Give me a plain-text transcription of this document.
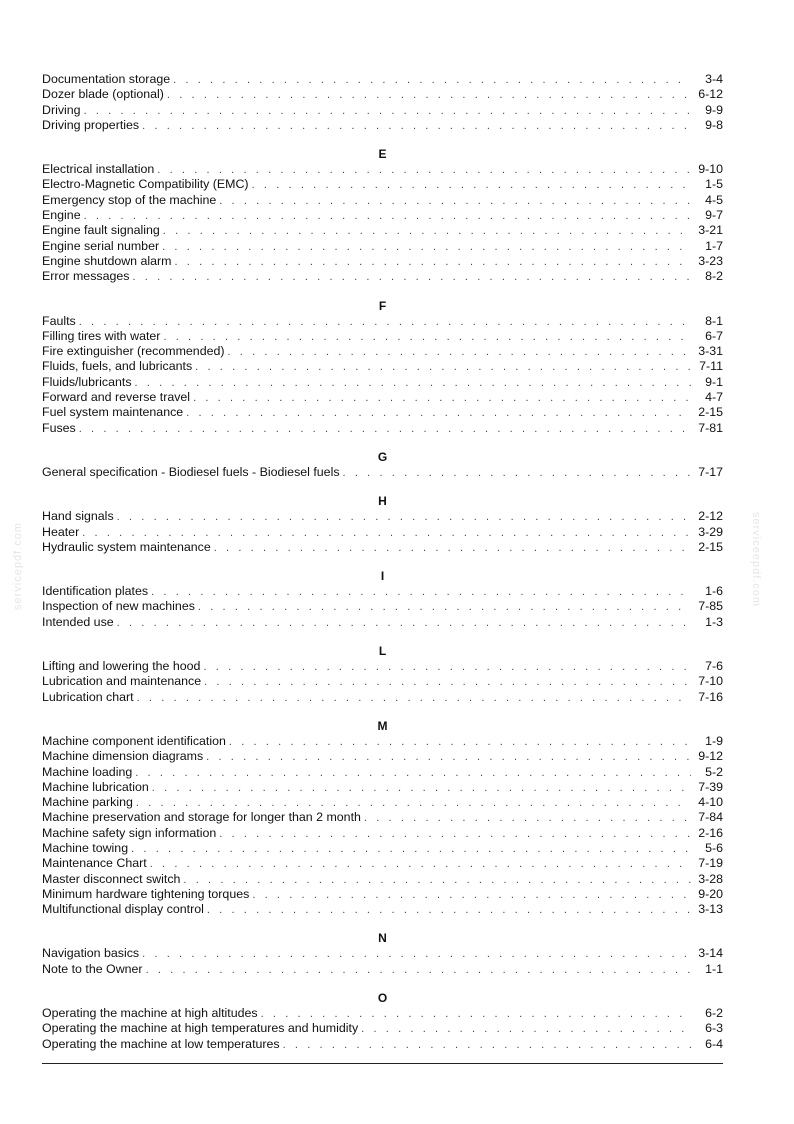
servicepdf.com	serviceepdf.com
Documentation storage . . .	3-4
Dozer blade (optional) . . .	6-12
Driving . . .	9-9
Driving properties . . .	9-8
E
Electrical installation . . .	9-10
Electro-Magnetic Compatibility (EMC) . . .	1-5
Emergency stop of the machine . . .	4-5
Engine . . .	9-7
Engine fault signaling . . .	3-21
Engine serial number . . .	1-7
Engine shutdown alarm . . .	3-23
Error messages . . .	8-2
F
Faults . . .	8-1
Filling tires with water . . .	6-7
Fire extinguisher (recommended) . . .	3-31
Fluids, fuels, and lubricants . . .	7-11
Fluids/lubricants . . .	9-1
Forward and reverse travel . . .	4-7
Fuel system maintenance . . .	2-15
Fuses . . .	7-81
G
General specification - Biodiesel fuels - Biodiesel fuels . . .	7-17
H
Hand signals . . .	2-12
Heater . . .	3-29
Hydraulic system maintenance . . .	2-15
I
Identification plates . . .	1-6
Inspection of new machines . . .	7-85
Intended use . . .	1-3
L
Lifting and lowering the hood . . .	7-6
Lubrication and maintenance . . .	7-10
Lubrication chart . . .	7-16
M
Machine component identification . . .	1-9
Machine dimension diagrams . . .	9-12
Machine loading . . .	5-2
Machine lubrication . . .	7-39
Machine parking . . .	4-10
Machine preservation and storage for longer than 2 month . . .	7-84
Machine safety sign information . . .	2-16
Machine towing . . .	5-6
Maintenance Chart . . .	7-19
Master disconnect switch . . .	3-28
Minimum hardware tightening torques . . .	9-20
Multifunctional display control . . .	3-13
N
Navigation basics . . .	3-14
Note to the Owner . . .	1-1
O
Operating the machine at high altitudes . . .	6-2
Operating the machine at high temperatures and humidity . . .	6-3
Operating the machine at low temperatures . . .	6-4
